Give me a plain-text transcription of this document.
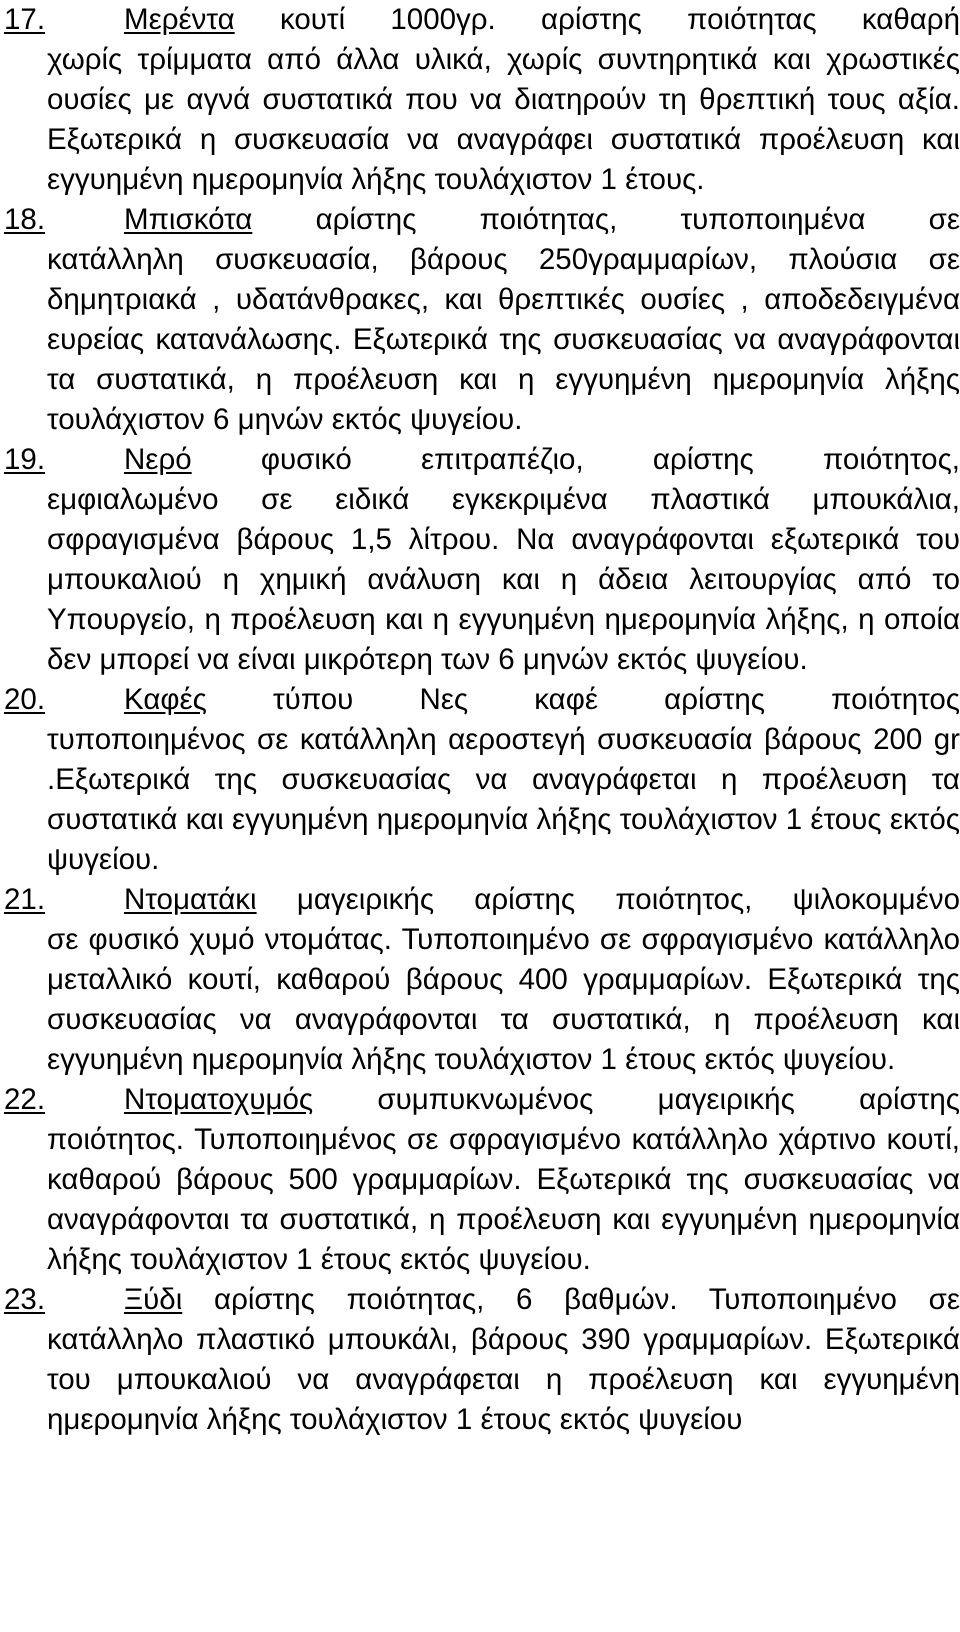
17.	Μερέντα κουτί 1000γρ. αρίστης ποιότητας καθαρή
χωρίς τρίμματα από άλλα υλικά, χωρίς συντηρητικά και χρωστικές ουσίες με αγνά συστατικά που να διατηρούν τη θρεπτική τους αξία. Εξωτερικά η συσκευασία να αναγράφει συστατικά προέλευση και εγγυημένη ημερομηνία λήξης τουλάχιστον 1 έτους.
18.	Μπισκότα αρίστης ποιότητας, τυποποιημένα σε
κατάλληλη συσκευασία, βάρους 250γραμμαρίων, πλούσια σε δημητριακά , υδατάνθρακες, και θρεπτικές ουσίες , αποδεδειγμένα ευρείας κατανάλωσης. Εξωτερικά της συσκευασίας να αναγράφονται τα συστατικά, η προέλευση και η εγγυημένη ημερομηνία λήξης τουλάχιστον 6 μηνών εκτός ψυγείου.
19.	Νερό φυσικό επιτραπέζιο, αρίστης ποιότητος,
εμφιαλωμένο σε ειδικά εγκεκριμένα πλαστικά μπουκάλια, σφραγισμένα βάρους 1,5 λίτρου. Να αναγράφονται εξωτερικά του μπουκαλιού η χημική ανάλυση και η άδεια λειτουργίας από το Υπουργείο, η προέλευση και η εγγυημένη ημερομηνία λήξης, η οποία δεν μπορεί να είναι μικρότερη των 6 μηνών εκτός ψυγείου.
20.	Καφές τύπου Νες καφέ αρίστης ποιότητος
τυποποιημένος σε κατάλληλη αεροστεγή συσκευασία βάρους 200 gr .Εξωτερικά της συσκευασίας να αναγράφεται η προέλευση τα συστατικά και εγγυημένη ημερομηνία λήξης τουλάχιστον 1 έτους εκτός ψυγείου.
21.	Ντοματάκι μαγειρικής αρίστης ποιότητος, ψιλοκομμένο
σε φυσικό χυμό ντομάτας. Τυποποιημένο σε σφραγισμένο κατάλληλο μεταλλικό κουτί, καθαρού βάρους 400 γραμμαρίων. Εξωτερικά της συσκευασίας να αναγράφονται τα συστατικά, η προέλευση και εγγυημένη ημερομηνία λήξης τουλάχιστον 1 έτους εκτός ψυγείου.
22.	Ντοματοχυμός συμπυκνωμένος μαγειρικής αρίστης
ποιότητος. Τυποποιημένος σε σφραγισμένο κατάλληλο χάρτινο κουτί, καθαρού βάρους 500 γραμμαρίων. Εξωτερικά της συσκευασίας να αναγράφονται τα συστατικά, η προέλευση και εγγυημένη ημερομηνία λήξης τουλάχιστον 1 έτους εκτός ψυγείου.
23.	Ξύδι αρίστης ποιότητας, 6 βαθμών. Τυποποιημένο σε
κατάλληλο πλαστικό μπουκάλι, βάρους 390 γραμμαρίων. Εξωτερικά του μπουκαλιού να αναγράφεται η προέλευση και εγγυημένη ημερομηνία λήξης τουλάχιστον 1 έτους εκτός ψυγείου
